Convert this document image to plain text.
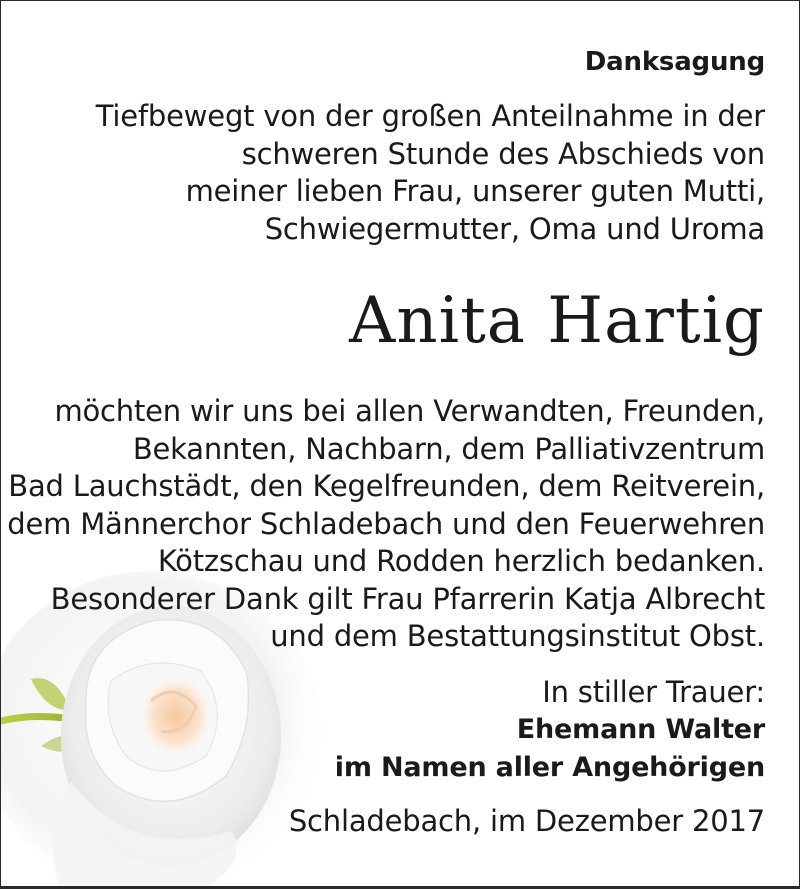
Danksagung
Tiefbewegt von der großen Anteilnahme in der
schweren Stunde des Abschieds von
meiner lieben Frau, unserer guten Mutti,
Schwiegermutter, Oma und Uroma
Anita Hartig
möchten wir uns bei allen Verwandten, Freunden,
Bekannten, Nachbarn, dem Palliativzentrum
Bad Lauchstädt, den Kegelfreunden, dem Reitverein,
dem Männerchor Schladebach und den Feuerwehren
Kötzschau und Rodden herzlich bedanken.
Besonderer Dank gilt Frau Pfarrerin Katja Albrecht
und dem Bestattungsinstitut Obst.
In stiller Trauer:
Ehemann Walter
im Namen aller Angehörigen
Schladebach, im Dezember 2017
